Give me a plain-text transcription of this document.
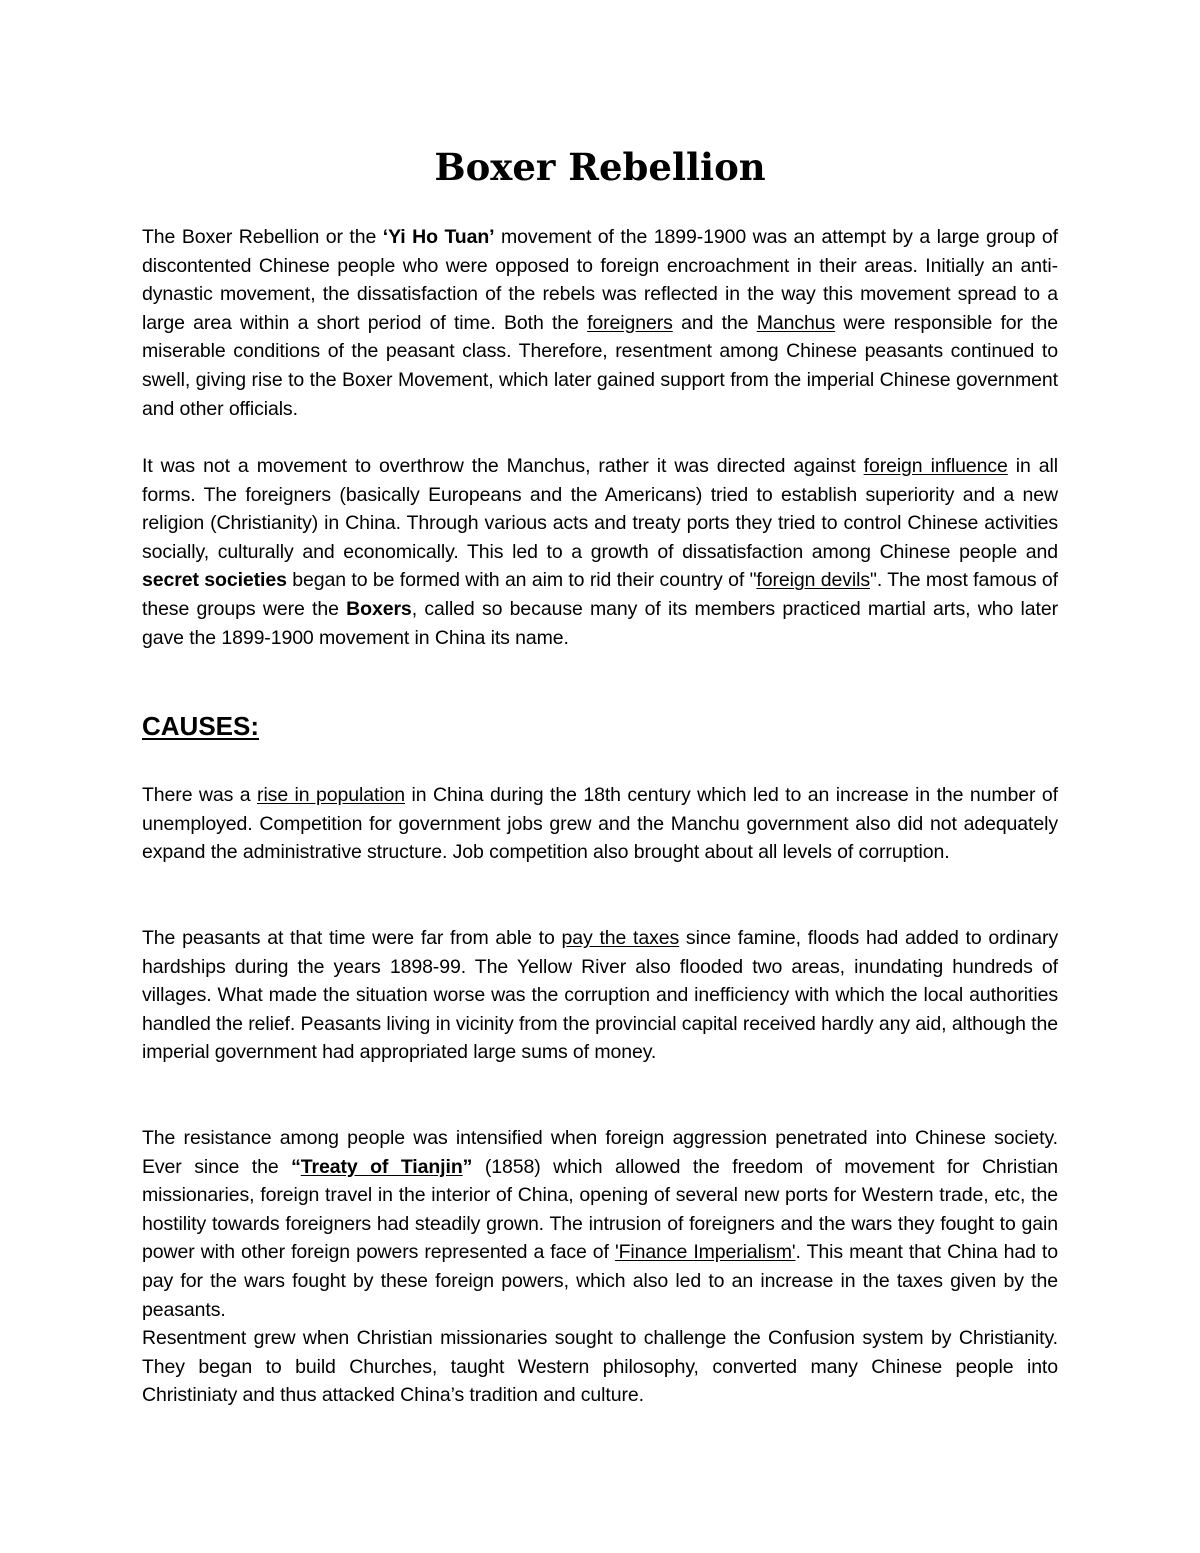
Boxer Rebellion

The Boxer Rebellion or the ‘Yi Ho Tuan’ movement of the 1899-1900 was an attempt by a large group of discontented Chinese people who were opposed to foreign encroachment in their areas. Initially an anti-dynastic movement, the dissatisfaction of the rebels was reflected in the way this movement spread to a large area within a short period of time. Both the foreigners and the Manchus were responsible for the miserable conditions of the peasant class. Therefore, resentment among Chinese peasants continued to swell, giving rise to the Boxer Movement, which later gained support from the imperial Chinese government and other officials.

It was not a movement to overthrow the Manchus, rather it was directed against foreign influence in all forms. The foreigners (basically Europeans and the Americans) tried to establish superiority and a new religion (Christianity) in China. Through various acts and treaty ports they tried to control Chinese activities socially, culturally and economically. This led to a growth of dissatisfaction among Chinese people and secret societies began to be formed with an aim to rid their country of "foreign devils". The most famous of these groups were the Boxers, called so because many of its members practiced martial arts, who later gave the 1899-1900 movement in China its name.

CAUSES:

There was a rise in population in China during the 18th century which led to an increase in the number of unemployed. Competition for government jobs grew and the Manchu government also did not adequately expand the administrative structure. Job competition also brought about all levels of corruption.

The peasants at that time were far from able to pay the taxes since famine, floods had added to ordinary hardships during the years 1898-99. The Yellow River also flooded two areas, inundating hundreds of villages. What made the situation worse was the corruption and inefficiency with which the local authorities handled the relief. Peasants living in vicinity from the provincial capital received hardly any aid, although the imperial government had appropriated large sums of money.

The resistance among people was intensified when foreign aggression penetrated into Chinese society. Ever since the “Treaty of Tianjin” (1858) which allowed the freedom of movement for Christian missionaries, foreign travel in the interior of China, opening of several new ports for Western trade, etc, the hostility towards foreigners had steadily grown. The intrusion of foreigners and the wars they fought to gain power with other foreign powers represented a face of 'Finance Imperialism'. This meant that China had to pay for the wars fought by these foreign powers, which also led to an increase in the taxes given by the peasants.
Resentment grew when Christian missionaries sought to challenge the Confusion system by Christianity. They began to build Churches, taught Western philosophy, converted many Chinese people into Christiniaty and thus attacked China’s tradition and culture.
